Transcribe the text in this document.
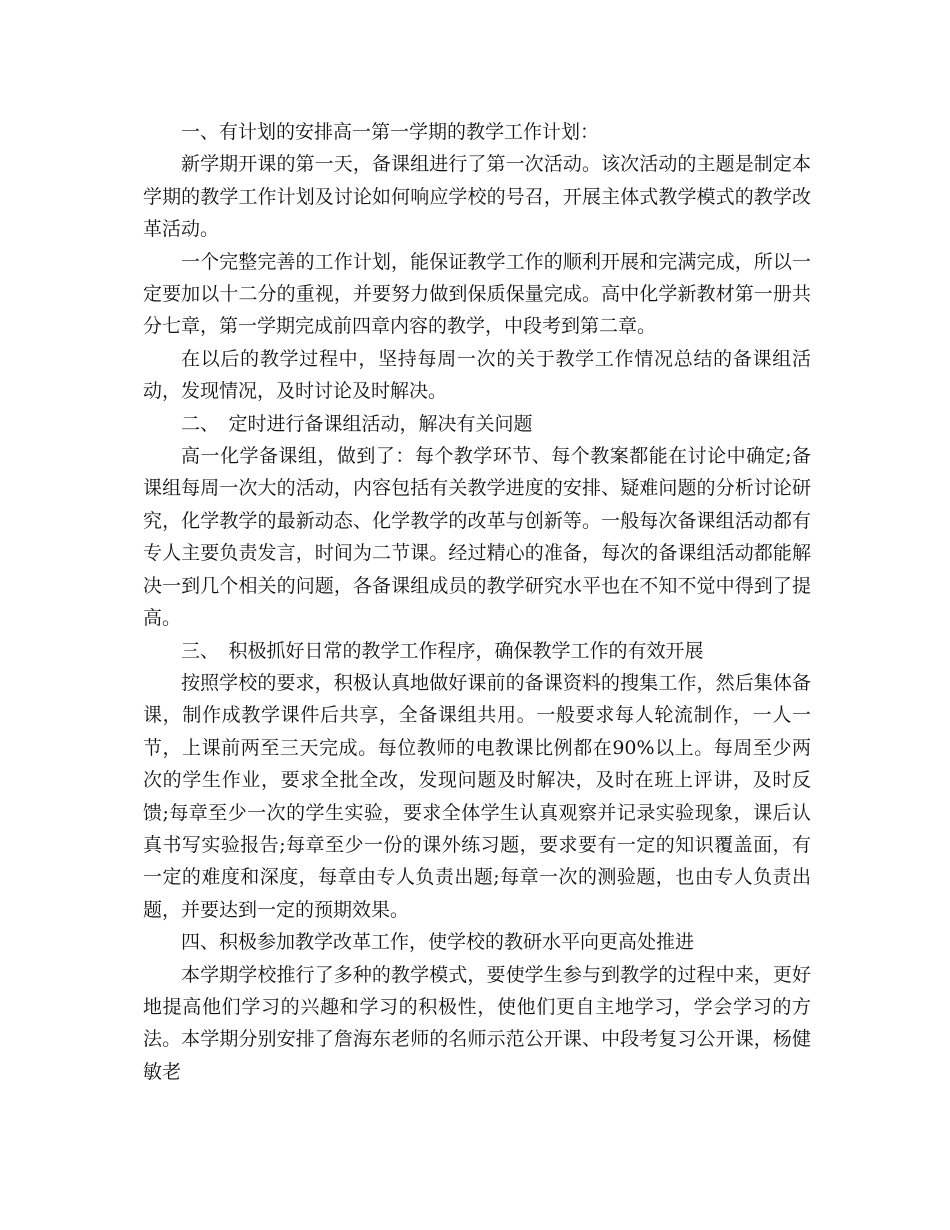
一、有计划的安排高一第一学期的教学工作计划：

新学期开课的第一天，备课组进行了第一次活动。该次活动的主题是制定本学期的教学工作计划及讨论如何响应学校的号召，开展主体式教学模式的教学改革活动。

一个完整完善的工作计划，能保证教学工作的顺利开展和完满完成，所以一定要加以十二分的重视，并要努力做到保质保量完成。高中化学新教材第一册共分七章，第一学期完成前四章内容的教学，中段考到第二章。

在以后的教学过程中，坚持每周一次的关于教学工作情况总结的备课组活动，发现情况，及时讨论及时解决。

二、　定时进行备课组活动，解决有关问题

高一化学备课组，做到了：每个教学环节、每个教案都能在讨论中确定;备课组每周一次大的活动，内容包括有关教学进度的安排、疑难问题的分析讨论研究，化学教学的最新动态、化学教学的改革与创新等。一般每次备课组活动都有专人主要负责发言，时间为二节课。经过精心的准备，每次的备课组活动都能解决一到几个相关的问题，各备课组成员的教学研究水平也在不知不觉中得到了提高。

三、　积极抓好日常的教学工作程序，确保教学工作的有效开展

按照学校的要求，积极认真地做好课前的备课资料的搜集工作，然后集体备课，制作成教学课件后共享，全备课组共用。一般要求每人轮流制作，一人一节，上课前两至三天完成。每位教师的电教课比例都在90%以上。每周至少两次的学生作业，要求全批全改，发现问题及时解决，及时在班上评讲，及时反馈;每章至少一次的学生实验，要求全体学生认真观察并记录实验现象，课后认真书写实验报告;每章至少一份的课外练习题，要求要有一定的知识覆盖面，有一定的难度和深度，每章由专人负责出题;每章一次的测验题，也由专人负责出题，并要达到一定的预期效果。

四、积极参加教学改革工作，使学校的教研水平向更高处推进

本学期学校推行了多种的教学模式，要使学生参与到教学的过程中来，更好地提高他们学习的兴趣和学习的积极性，使他们更自主地学习，学会学习的方法。本学期分别安排了詹海东老师的名师示范公开课、中段考复习公开课，杨健敏老
